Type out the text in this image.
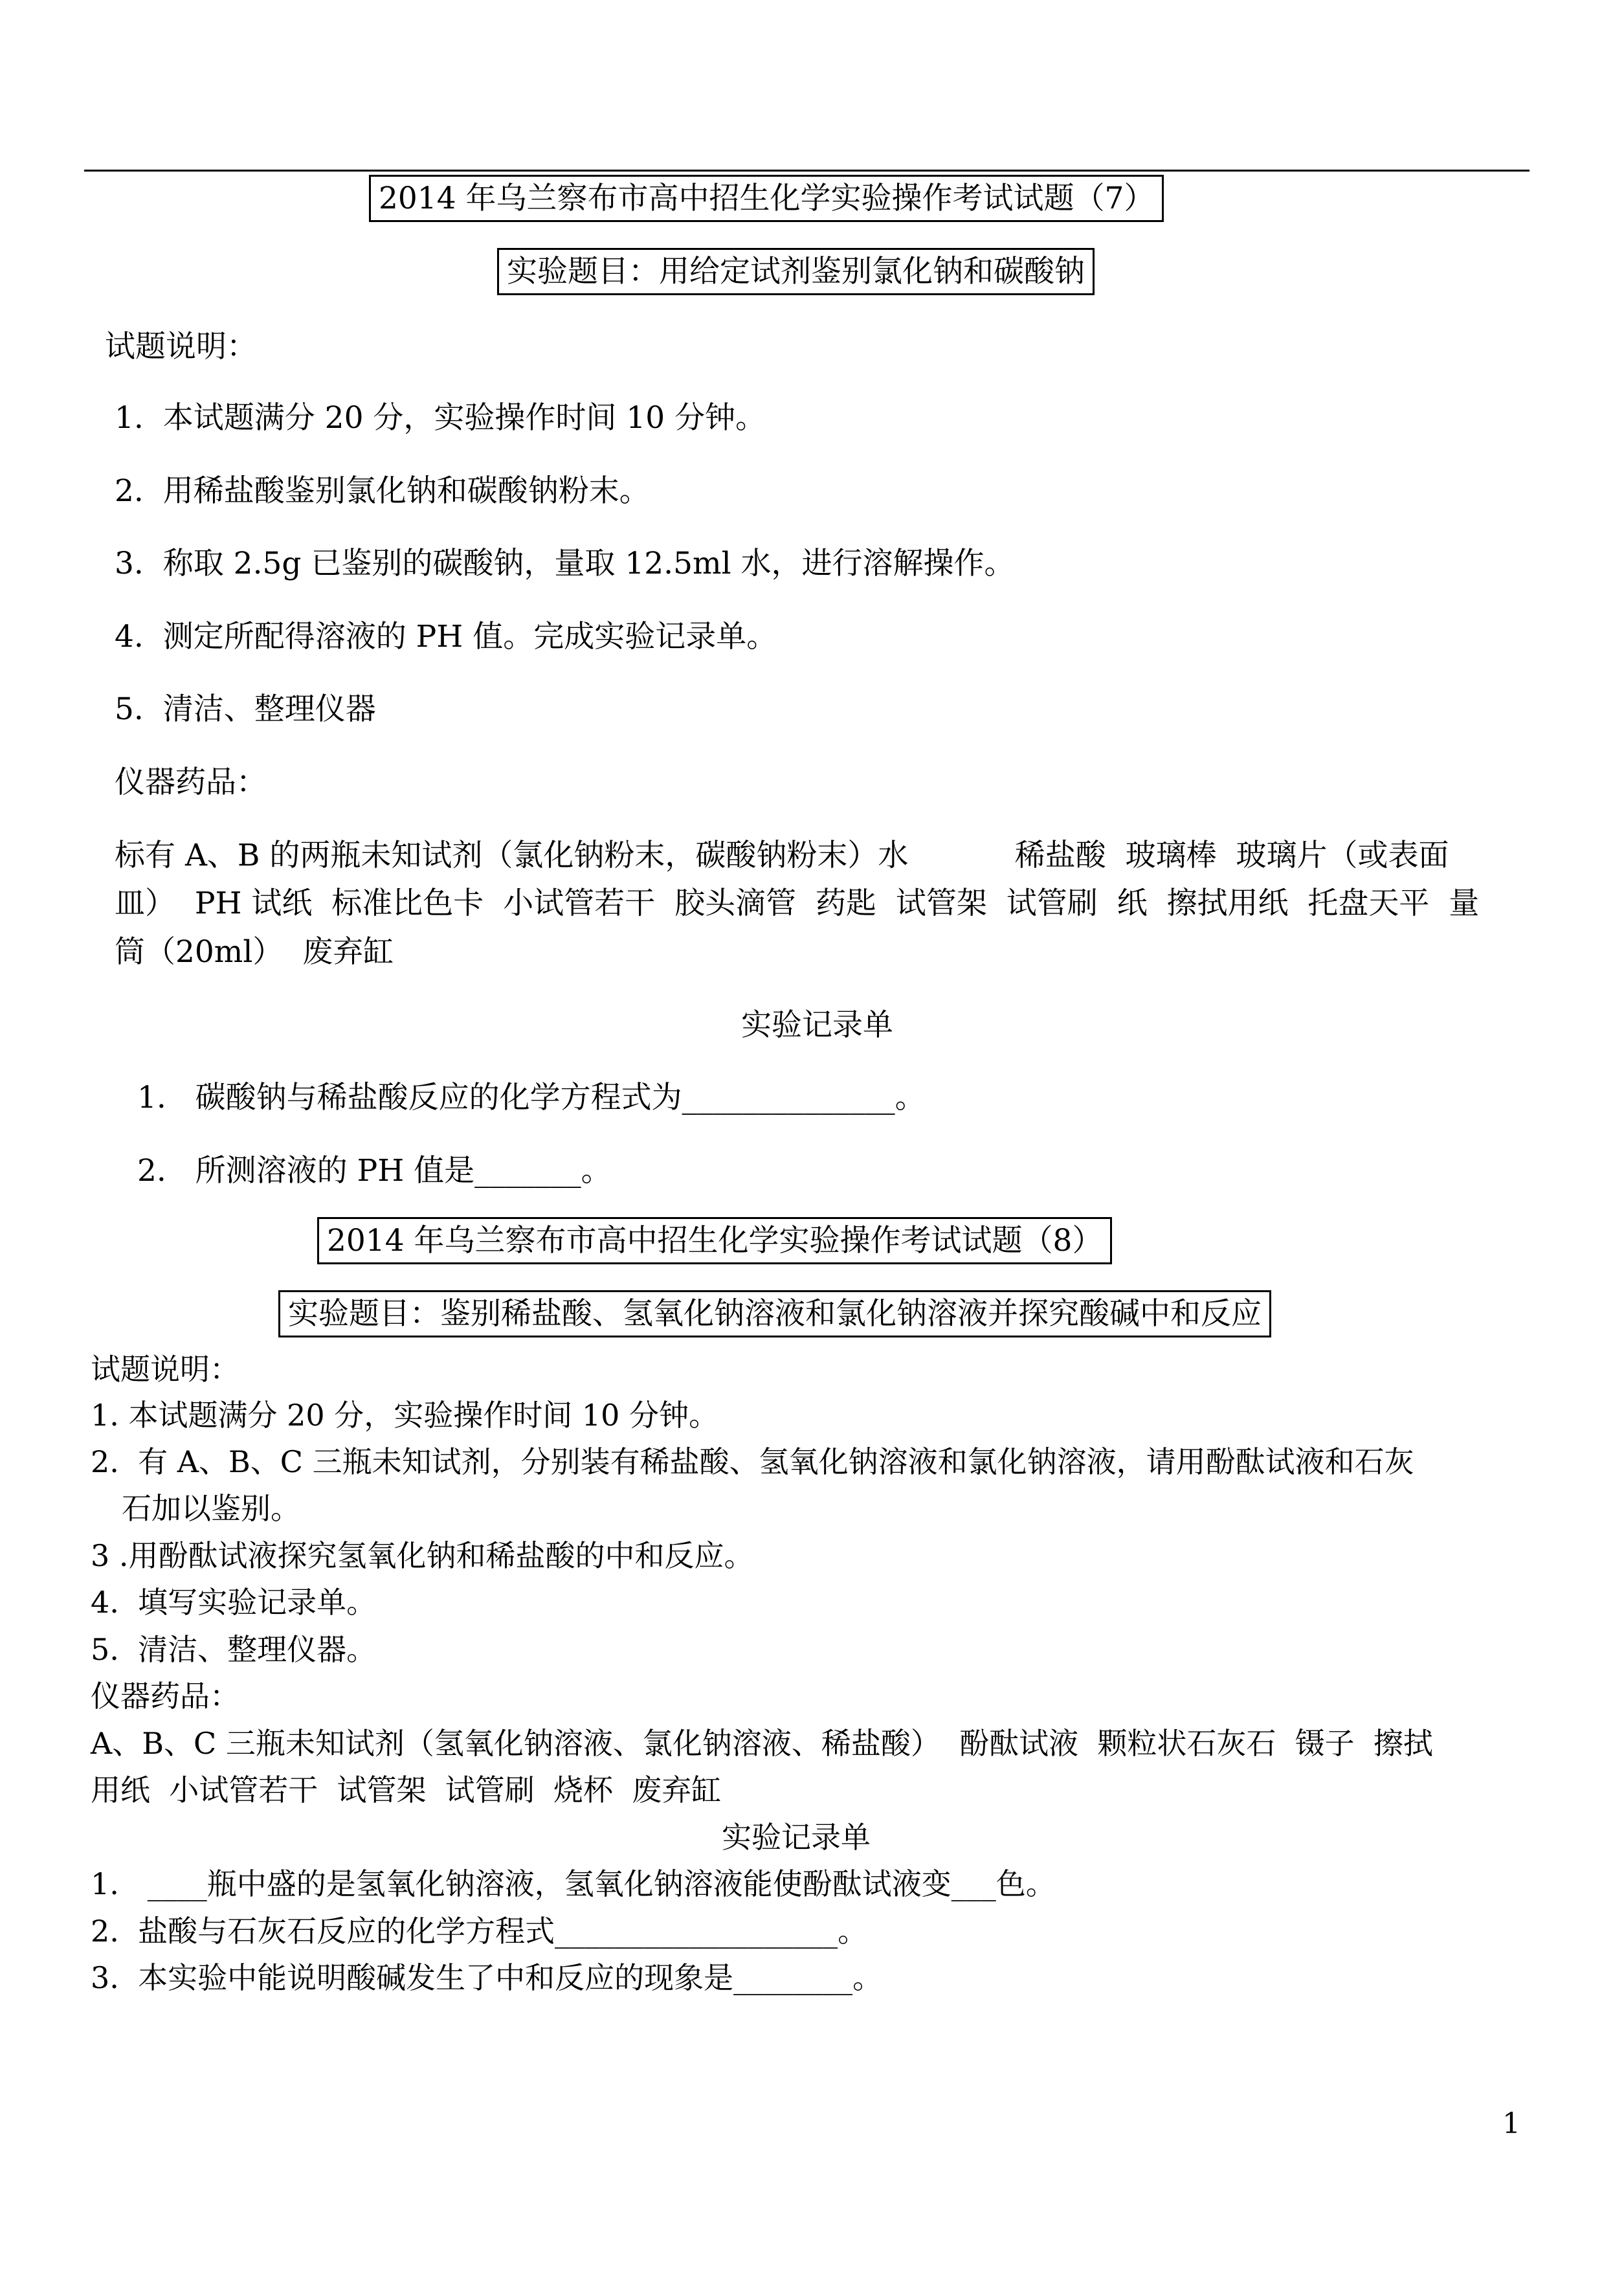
2014 年乌兰察布市高中招生化学实验操作考试试题（7）
实验题目：用给定试剂鉴别氯化钠和碳酸钠
试题说明：
1.  本试题满分 20 分，实验操作时间 10 分钟。
2.  用稀盐酸鉴别氯化钠和碳酸钠粉末。
3.  称取 2.5g 已鉴别的碳酸钠，量取 12.5ml 水，进行溶解操作。
4.  测定所配得溶液的 PH 值。完成实验记录单。
5.  清洁、整理仪器
仪器药品：
标有 A、B 的两瓶未知试剂（氯化钠粉末，碳酸钠粉末）水           稀盐酸  玻璃棒  玻璃片（或表面
皿）  PH 试纸  标准比色卡  小试管若干  胶头滴管  药匙  试管架  试管刷  纸  擦拭用纸  托盘天平  量
筒（20ml）  废弃缸
实验记录单
1.   碳酸钠与稀盐酸反应的化学方程式为______________。
2.   所测溶液的 PH 值是_______。
2014 年乌兰察布市高中招生化学实验操作考试试题（8）
实验题目：鉴别稀盐酸、氢氧化钠溶液和氯化钠溶液并探究酸碱中和反应
试题说明：
1. 本试题满分 20 分，实验操作时间 10 分钟。
2.  有 A、B、C 三瓶未知试剂，分别装有稀盐酸、氢氧化钠溶液和氯化钠溶液，请用酚酞试液和石灰
石加以鉴别。
3 .用酚酞试液探究氢氧化钠和稀盐酸的中和反应。
4.  填写实验记录单。
5.  清洁、整理仪器。
仪器药品：
A、B、C 三瓶未知试剂（氢氧化钠溶液、氯化钠溶液、稀盐酸）  酚酞试液  颗粒状石灰石  镊子  擦拭
用纸  小试管若干  试管架  试管刷  烧杯  废弃缸
实验记录单
1.   ____瓶中盛的是氢氧化钠溶液，氢氧化钠溶液能使酚酞试液变___色。
2.  盐酸与石灰石反应的化学方程式___________________。
3.  本实验中能说明酸碱发生了中和反应的现象是________。
1
